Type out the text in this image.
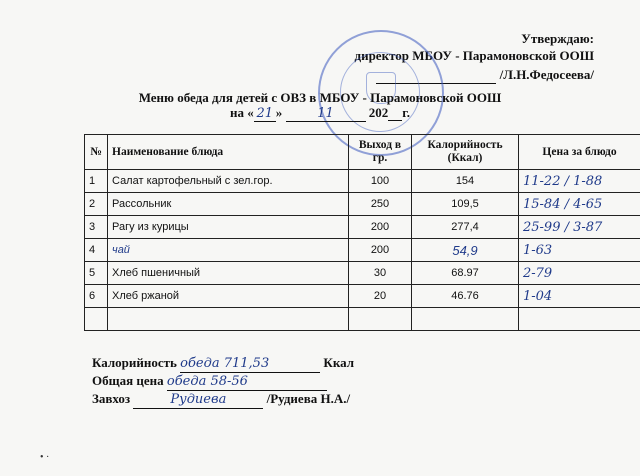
Утверждаю:
директор МБОУ - Парамоновской ООШ
/Л.Н.Федосеева/
Меню обеда для детей с ОВЗ в МБОУ - Парамоновской ООШ
на « 21 »	11	202 г.
№	Наименование блюда	Выход в гр.	Калорийность (Ккал)	Цена за блюдо
1	Салат картофельный с зел.гор.	100	154	11-22 / 1-88
2	Рассольник	250	109,5	15-84 / 4-65
3	Рагу из курицы	200	277,4	25-99 / 3-87
4	чай	200	54,9	1-63
5	Хлеб пшеничный	30	68.97	2-79
6	Хлеб ржаной	20	46.76	1-04

Калорийность обеда 711,53	Ккал
Общая цена обеда 58-56
Завхоз	Рудиева	/Рудиева Н.А./
• ·
